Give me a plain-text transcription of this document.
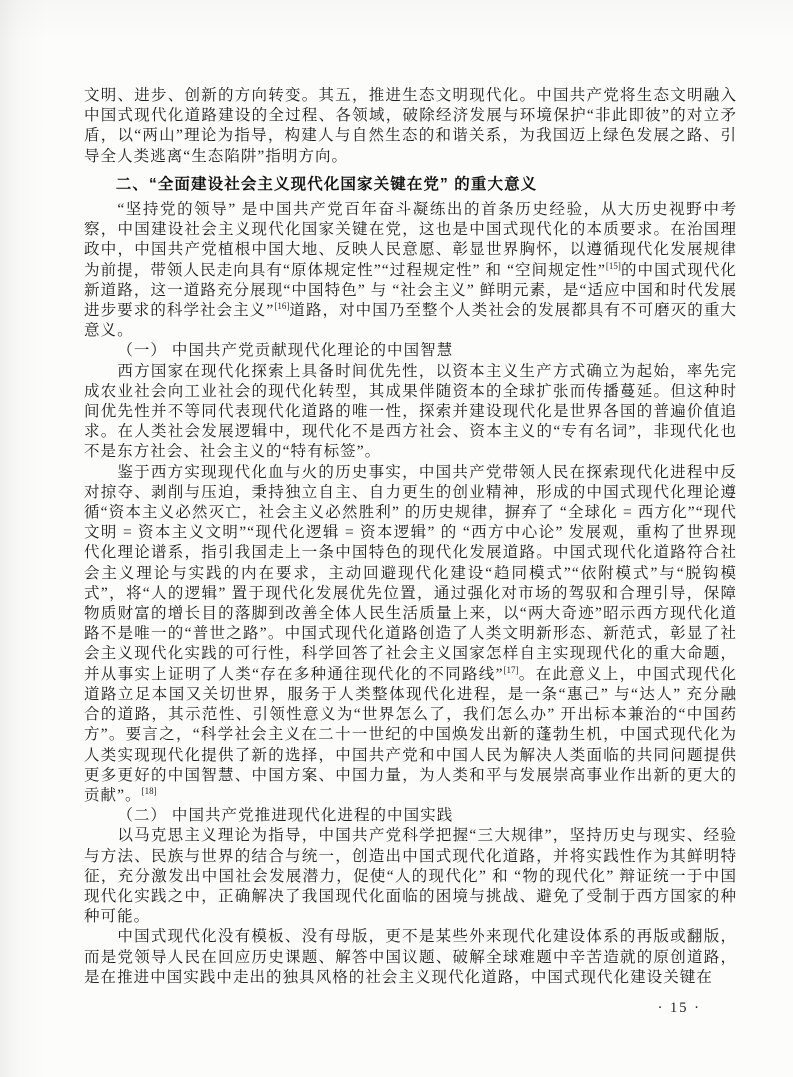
文明、进步、创新的方向转变。其五，推进生态文明现代化。中国共产党将生态文明融入中国式现代化道路建设的全过程、各领域，破除经济发展与环境保护“非此即彼”的对立矛盾，以“两山”理论为指导，构建人与自然生态的和谐关系，为我国迈上绿色发展之路、引导全人类逃离“生态陷阱”指明方向。
二、“全面建设社会主义现代化国家关键在党” 的重大意义
“坚持党的领导” 是中国共产党百年奋斗凝练出的首条历史经验，从大历史视野中考察，中国建设社会主义现代化国家关键在党，这也是中国式现代化的本质要求。在治国理政中，中国共产党植根中国大地、反映人民意愿、彰显世界胸怀，以遵循现代化发展规律为前提，带领人民走向具有“原体规定性”“过程规定性” 和 “空间规定性”[15]的中国式现代化新道路，这一道路充分展现“中国特色” 与 “社会主义” 鲜明元素，是“适应中国和时代发展进步要求的科学社会主义”[16]道路，对中国乃至整个人类社会的发展都具有不可磨灭的重大意义。
（一） 中国共产党贡献现代化理论的中国智慧
西方国家在现代化探索上具备时间优先性，以资本主义生产方式确立为起始，率先完成农业社会向工业社会的现代化转型，其成果伴随资本的全球扩张而传播蔓延。但这种时间优先性并不等同代表现代化道路的唯一性，探索并建设现代化是世界各国的普遍价值追求。在人类社会发展逻辑中，现代化不是西方社会、资本主义的“专有名词”，非现代化也不是东方社会、社会主义的“特有标签”。
鉴于西方实现现代化血与火的历史事实，中国共产党带领人民在探索现代化进程中反对掠夺、剥削与压迫，秉持独立自主、自力更生的创业精神，形成的中国式现代化理论遵循“资本主义必然灭亡，社会主义必然胜利” 的历史规律，摒弃了 “全球化 = 西方化”“现代文明 = 资本主义文明”“现代化逻辑 = 资本逻辑” 的 “西方中心论” 发展观，重构了世界现代化理论谱系，指引我国走上一条中国特色的现代化发展道路。中国式现代化道路符合社会主义理论与实践的内在要求，主动回避现代化建设“趋同模式”“依附模式”与“脱钩模式”，将“人的逻辑” 置于现代化发展优先位置，通过强化对市场的驾驭和合理引导，保障物质财富的增长目的落脚到改善全体人民生活质量上来，以“两大奇迹”昭示西方现代化道路不是唯一的“普世之路”。中国式现代化道路创造了人类文明新形态、新范式，彰显了社会主义现代化实践的可行性，科学回答了社会主义国家怎样自主实现现代化的重大命题，并从事实上证明了人类“存在多种通往现代化的不同路线”[17]。在此意义上，中国式现代化道路立足本国又关切世界，服务于人类整体现代化进程，是一条“惠己” 与“达人” 充分融合的道路，其示范性、引领性意义为“世界怎么了，我们怎么办” 开出标本兼治的“中国药方”。要言之，“科学社会主义在二十一世纪的中国焕发出新的蓬勃生机，中国式现代化为人类实现现代化提供了新的选择，中国共产党和中国人民为解决人类面临的共同问题提供更多更好的中国智慧、中国方案、中国力量，为人类和平与发展崇高事业作出新的更大的贡献”。[18]
（二） 中国共产党推进现代化进程的中国实践
以马克思主义理论为指导，中国共产党科学把握“三大规律”，坚持历史与现实、经验与方法、民族与世界的结合与统一，创造出中国式现代化道路，并将实践性作为其鲜明特征，充分激发出中国社会发展潜力，促使“人的现代化” 和 “物的现代化” 辩证统一于中国现代化实践之中，正确解决了我国现代化面临的困境与挑战、避免了受制于西方国家的种种可能。
中国式现代化没有模板、没有母版，更不是某些外来现代化建设体系的再版或翻版，而是党领导人民在回应历史课题、解答中国议题、破解全球难题中辛苦造就的原创道路，是在推进中国实践中走出的独具风格的社会主义现代化道路，中国式现代化建设关键在
· 15 ·
